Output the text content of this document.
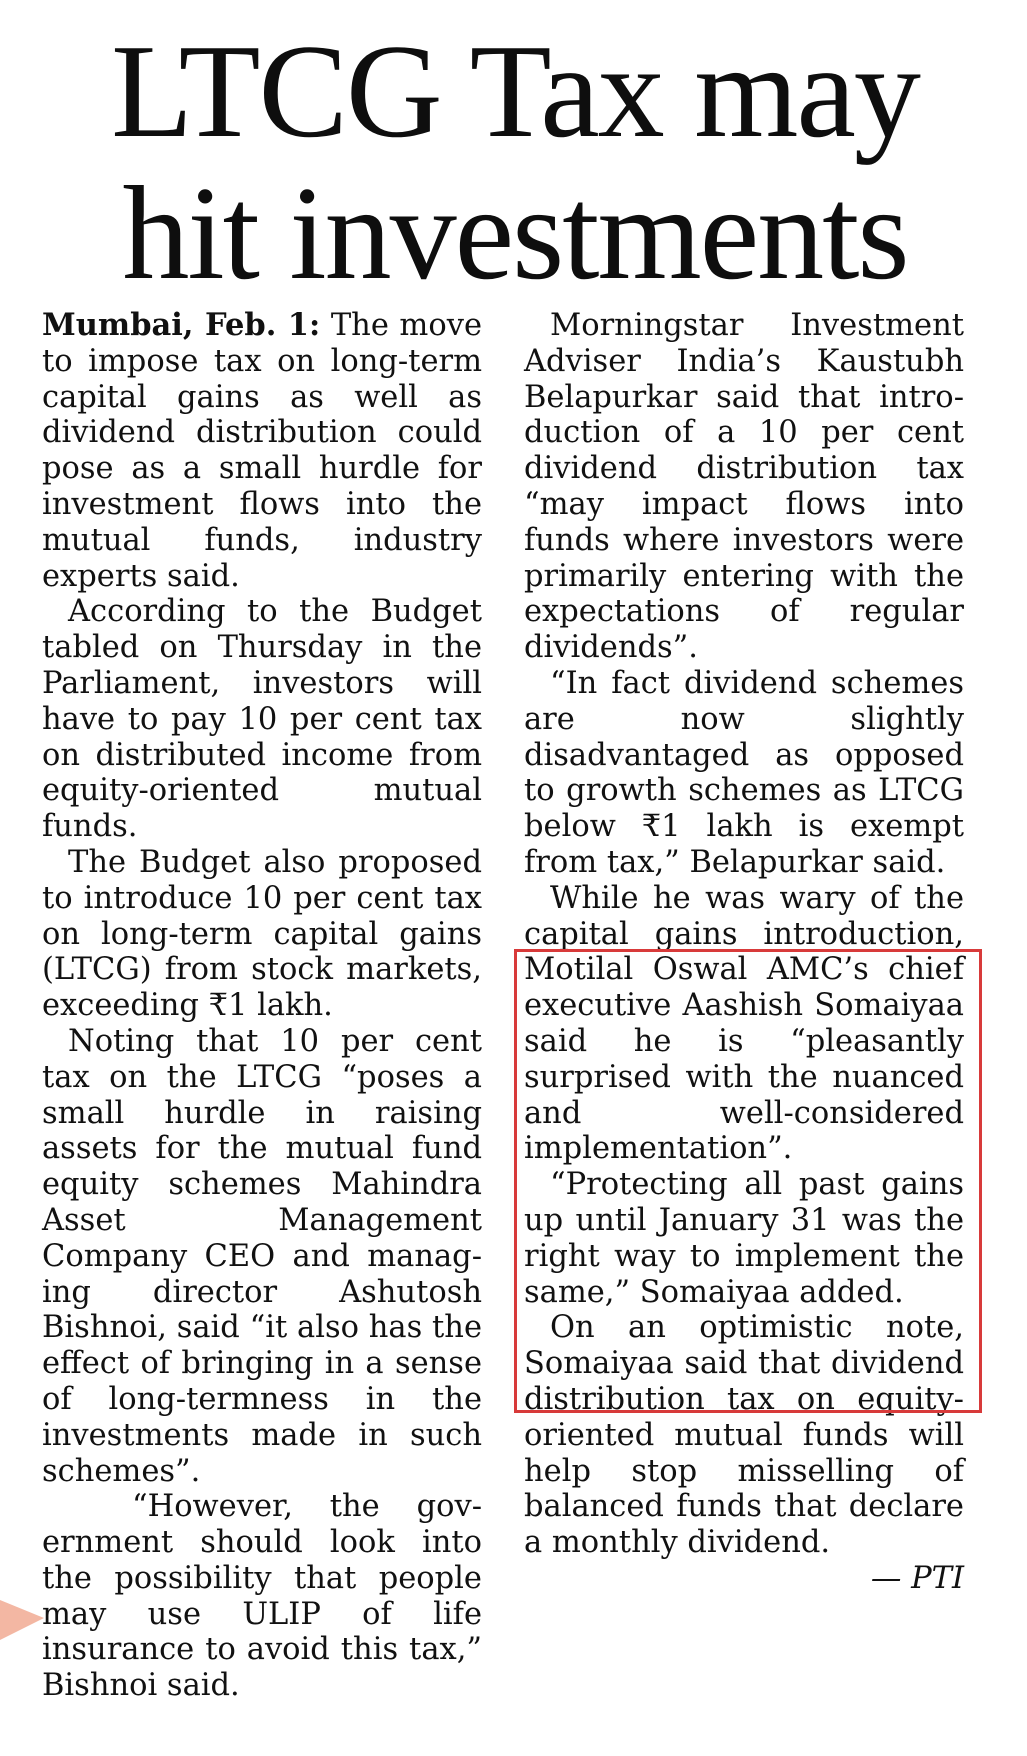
LTCG Tax may
hit investments

Mumbai, Feb. 1: The move to impose tax on long-term capital gains as well as dividend distribution could pose as a small hurdle for investment flows into the mutual funds, industry experts said.

According to the Budget tabled on Thursday in the Parliament, investors will have to pay 10 per cent tax on distributed income from equity-oriented mutual funds.

The Budget also proposed to introduce 10 per cent tax on long-term capital gains (LTCG) from stock markets, exceeding ₹1 lakh.

Noting that 10 per cent tax on the LTCG “poses a small hurdle in raising assets for the mutual fund equity schemes Mahindra Asset Management Company CEO and managing director Ashutosh Bishnoi, said “it also has the effect of bringing in a sense of long-termness in the investments made in such schemes”.

“However, the government should look into the possibility that people may use ULIP of life insurance to avoid this tax,” Bishnoi said.

Morningstar Investment Adviser India’s Kaustubh Belapurkar said that introduction of a 10 per cent dividend distribution tax “may impact flows into funds where investors were primarily entering with the expectations of regular dividends”.

“In fact dividend schemes are now slightly disadvantaged as opposed to growth schemes as LTCG below ₹1 lakh is exempt from tax,” Belapurkar said.

While he was wary of the capital gains introduction, Motilal Oswal AMC’s chief executive Aashish Somaiyaa said he is “pleasantly surprised with the nuanced and well-considered implementation”.

“Protecting all past gains up until January 31 was the right way to implement the same,” Somaiyaa added.

On an optimistic note, Somaiyaa said that dividend distribution tax on equity-oriented mutual funds will help stop misselling of balanced funds that declare a monthly dividend.

— PTI
